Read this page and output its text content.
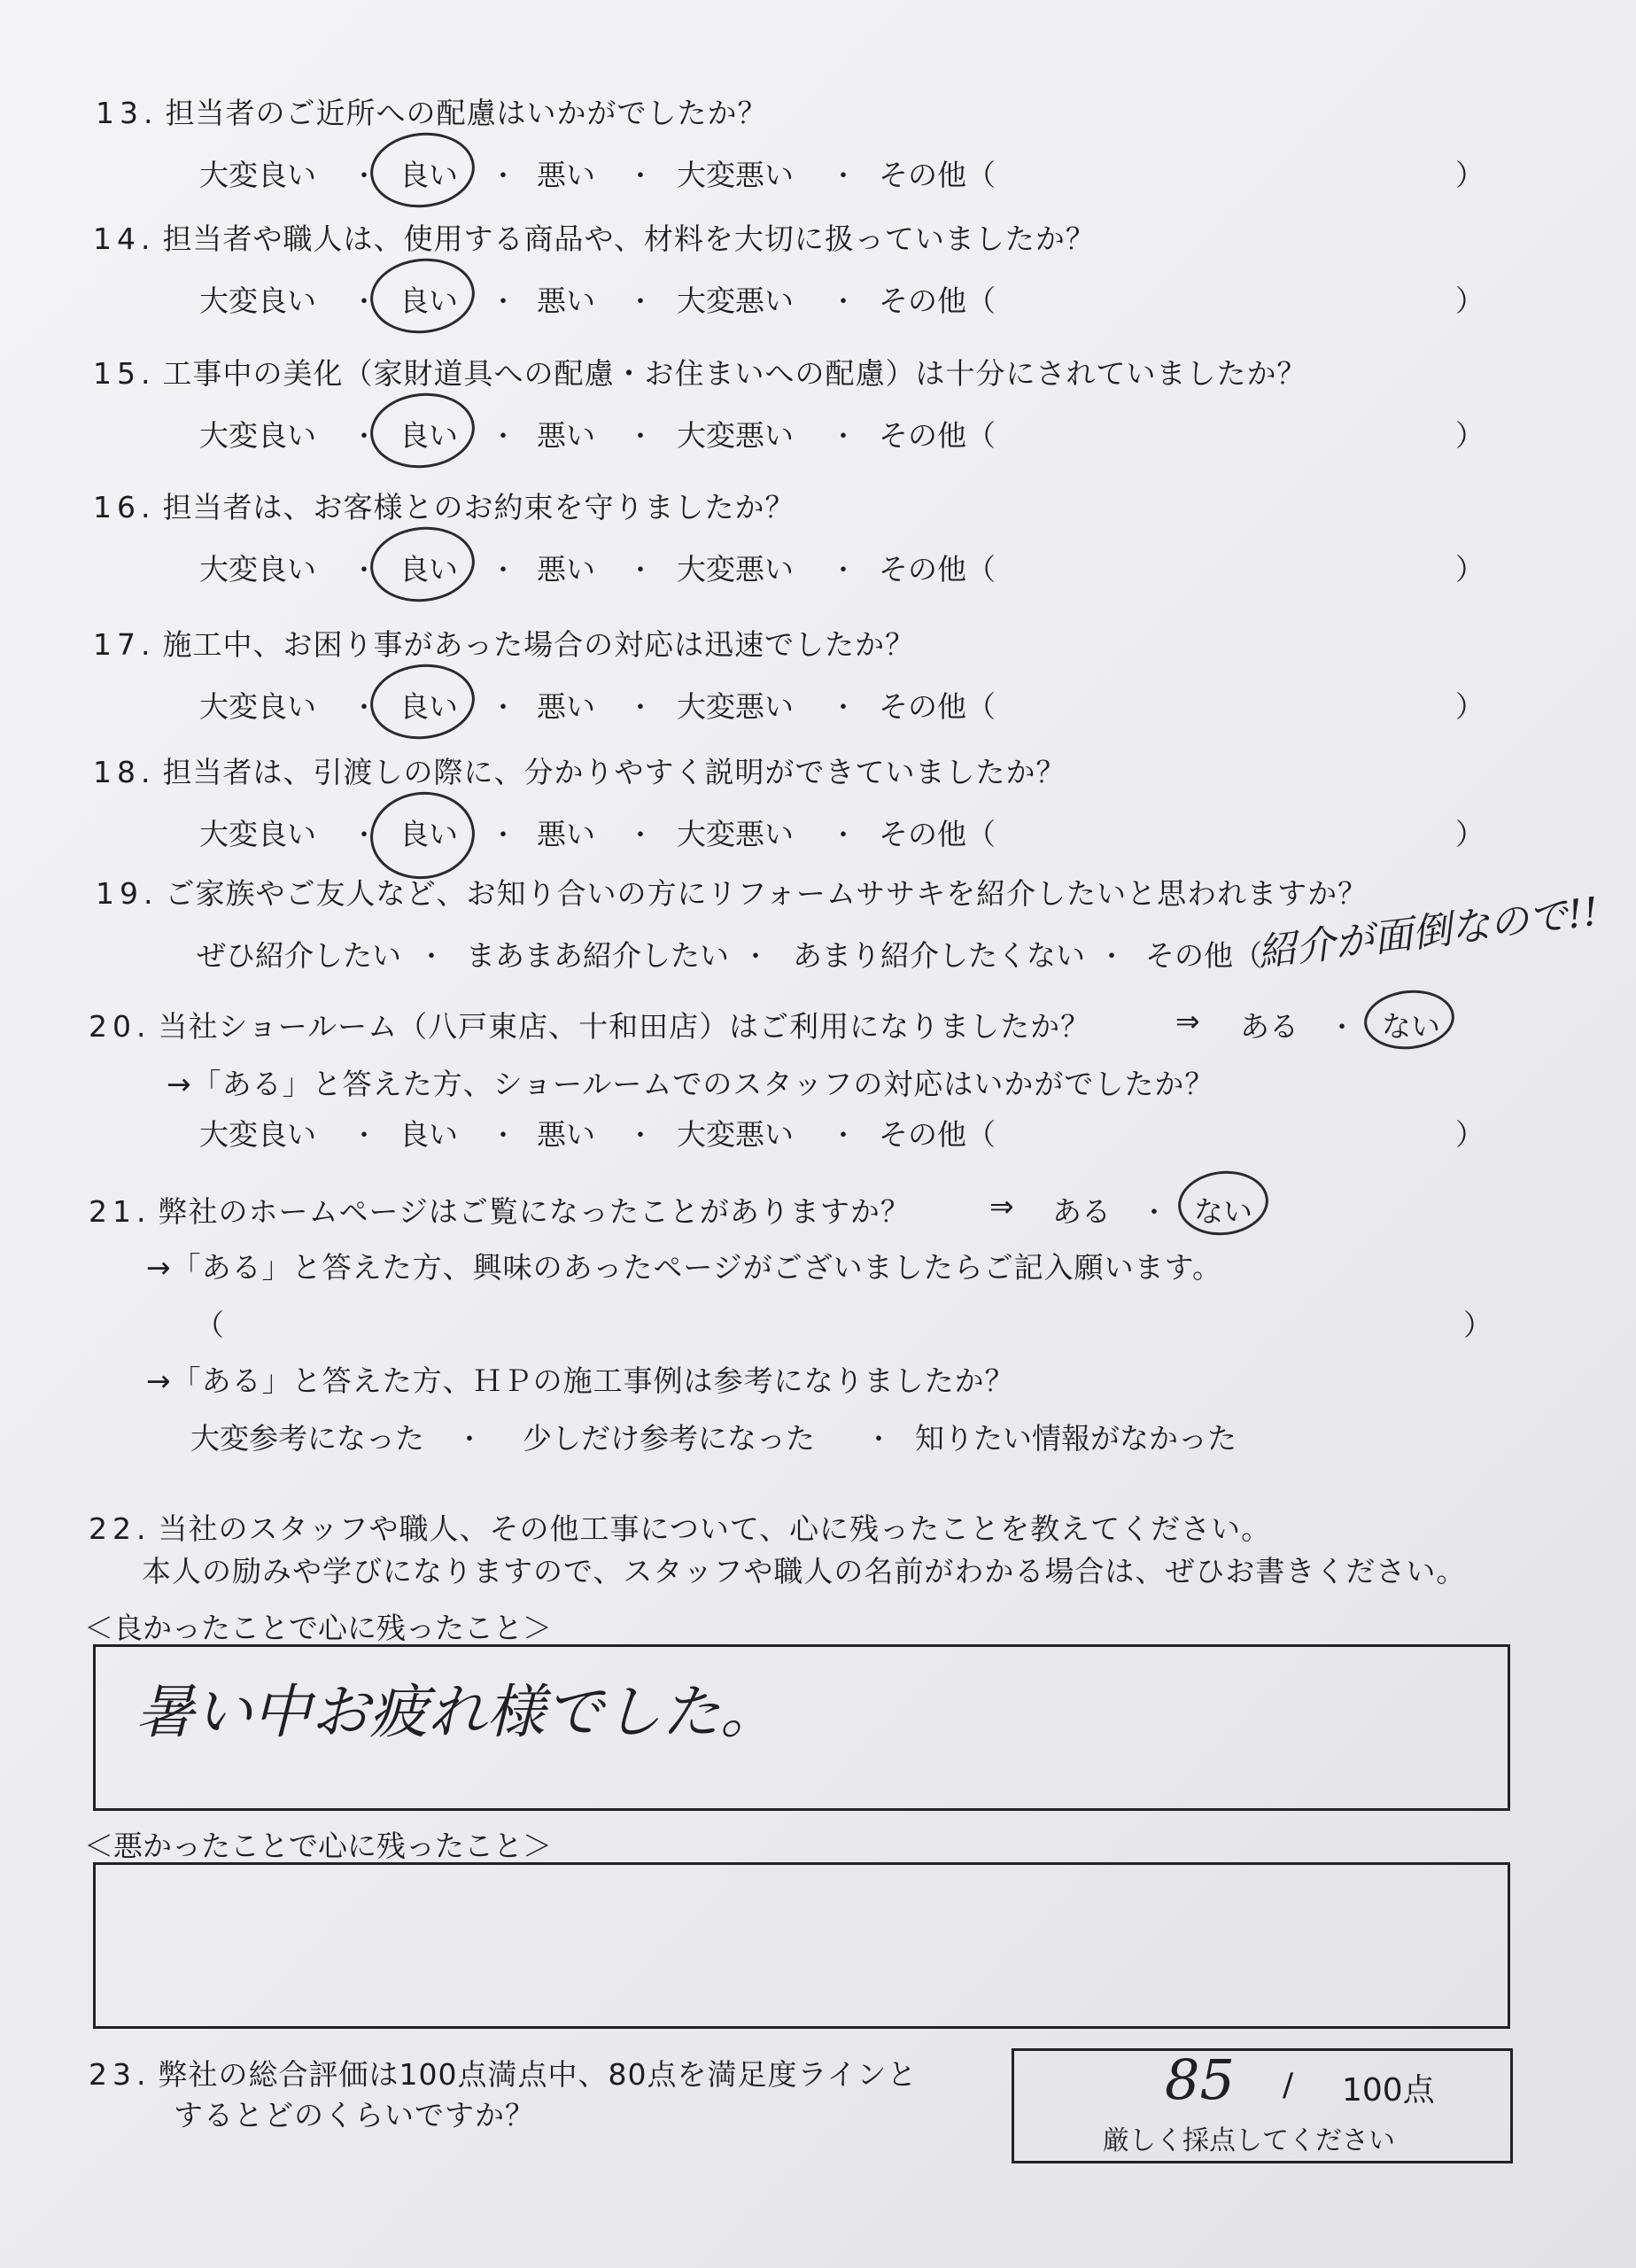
13. 担当者のご近所への配慮はいかがでしたか？
大変良い ・ 良い ・ 悪い ・ 大変悪い ・ その他（	）
14. 担当者や職人は、使用する商品や、材料を大切に扱っていましたか？
大変良い ・ 良い ・ 悪い ・ 大変悪い ・ その他（	）
15. 工事中の美化（家財道具への配慮・お住まいへの配慮）は十分にされていましたか？
大変良い ・ 良い ・ 悪い ・ 大変悪い ・ その他（	）
16. 担当者は、お客様とのお約束を守りましたか？
大変良い ・ 良い ・ 悪い ・ 大変悪い ・ その他（	）
17. 施工中、お困り事があった場合の対応は迅速でしたか？
大変良い ・ 良い ・ 悪い ・ 大変悪い ・ その他（	）
18. 担当者は、引渡しの際に、分かりやすく説明ができていましたか？
大変良い ・ 良い ・ 悪い ・ 大変悪い ・ その他（	）
19. ご家族やご友人など、お知り合いの方にリフォームササキを紹介したいと思われますか？
ぜひ紹介したい ・ まあまあ紹介したい ・ あまり紹介したくない ・ その他（
紹介が面倒なので!!
20. 当社ショールーム（八戸東店、十和田店）はご利用になりましたか？	⇒ ある ・ ない
→「ある」と答えた方、ショールームでのスタッフの対応はいかがでしたか？
大変良い ・ 良い ・ 悪い ・ 大変悪い ・ その他（	）
21. 弊社のホームページはご覧になったことがありますか？	⇒ ある ・ ない
→「ある」と答えた方、興味のあったページがございましたらご記入願います。
（	）
→「ある」と答えた方、ＨＰの施工事例は参考になりましたか？
大変参考になった ・ 少しだけ参考になった ・ 知りたい情報がなかった
22. 当社のスタッフや職人、その他工事について、心に残ったことを教えてください。
本人の励みや学びになりますので、スタッフや職人の名前がわかる場合は、ぜひお書きください。
＜良かったことで心に残ったこと＞
暑い中お疲れ様でした。
＜悪かったことで心に残ったこと＞
23. 弊社の総合評価は100点満点中、80点を満足度ラインと
するとどのくらいですか？
85 / 100点
厳しく採点してください
